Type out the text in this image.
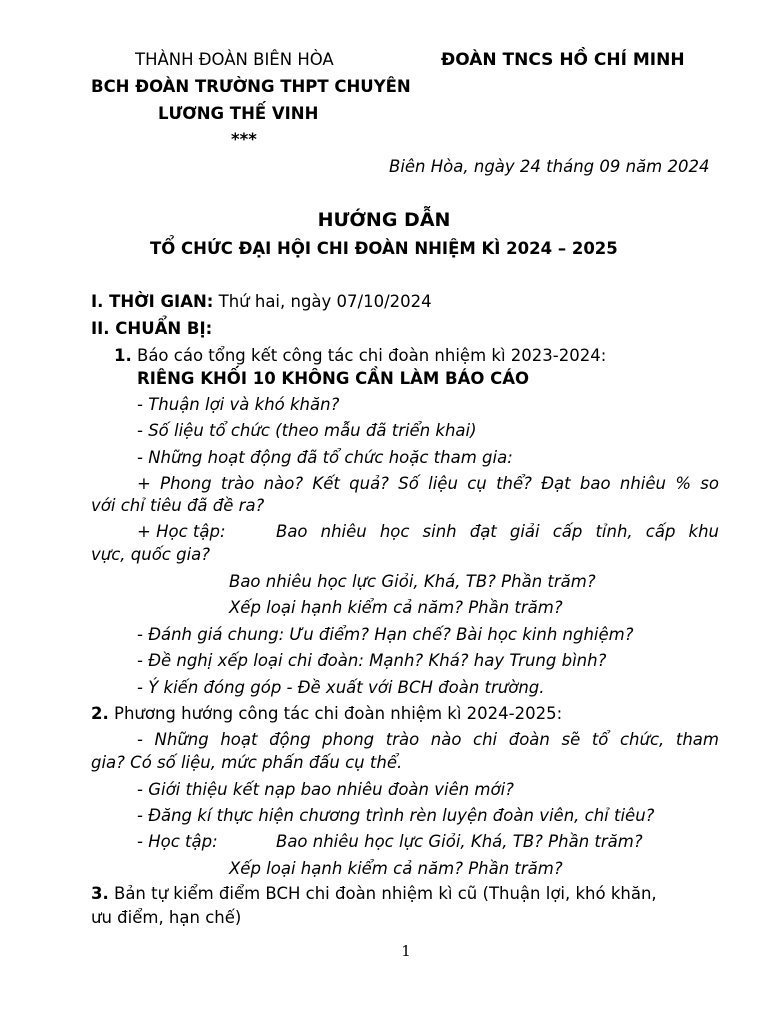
THÀNH ĐOÀN BIÊN HÒA	ĐOÀN TNCS HỒ CHÍ MINH
BCH ĐOÀN TRƯỜNG THPT CHUYÊN
LƯƠNG THẾ VINH
***
Biên Hòa, ngày 24 tháng 09 năm 2024
HƯỚNG DẪN
TỔ CHỨC ĐẠI HỘI CHI ĐOÀN NHIỆM KÌ 2024 – 2025
I. THỜI GIAN: Thứ hai, ngày 07/10/2024
II. CHUẨN BỊ:
1. Báo cáo tổng kết công tác chi đoàn nhiệm kì 2023-2024:
RIÊNG KHỐI 10 KHÔNG CẦN LÀM BÁO CÁO
- Thuận lợi và khó khăn?
- Số liệu tổ chức (theo mẫu đã triển khai)
- Những hoạt động đã tổ chức hoặc tham gia:
+ Phong trào nào? Kết quả? Số liệu cụ thể? Đạt bao nhiêu % so
với chỉ tiêu đã đề ra?
+ Học tập:	Bao nhiêu học sinh đạt giải cấp tỉnh, cấp khu
vực, quốc gia?
Bao nhiêu học lực Giỏi, Khá, TB? Phần trăm?
Xếp loại hạnh kiểm cả năm? Phần trăm?
- Đánh giá chung: Ưu điểm? Hạn chế? Bài học kinh nghiệm?
- Đề nghị xếp loại chi đoàn: Mạnh? Khá? hay Trung bình?
- Ý kiến đóng góp - Đề xuất với BCH đoàn trường.
2. Phương hướng công tác chi đoàn nhiệm kì 2024-2025:
- Những hoạt động phong trào nào chi đoàn sẽ tổ chức, tham
gia? Có số liệu, mức phấn đấu cụ thể.
- Giới thiệu kết nạp bao nhiêu đoàn viên mới?
- Đăng kí thực hiện chương trình rèn luyện đoàn viên, chỉ tiêu?
- Học tập:	Bao nhiêu học lực Giỏi, Khá, TB? Phần trăm?
Xếp loại hạnh kiểm cả năm? Phần trăm?
3. Bản tự kiểm điểm BCH chi đoàn nhiệm kì cũ (Thuận lợi, khó khăn,
ưu điểm, hạn chế)
1
